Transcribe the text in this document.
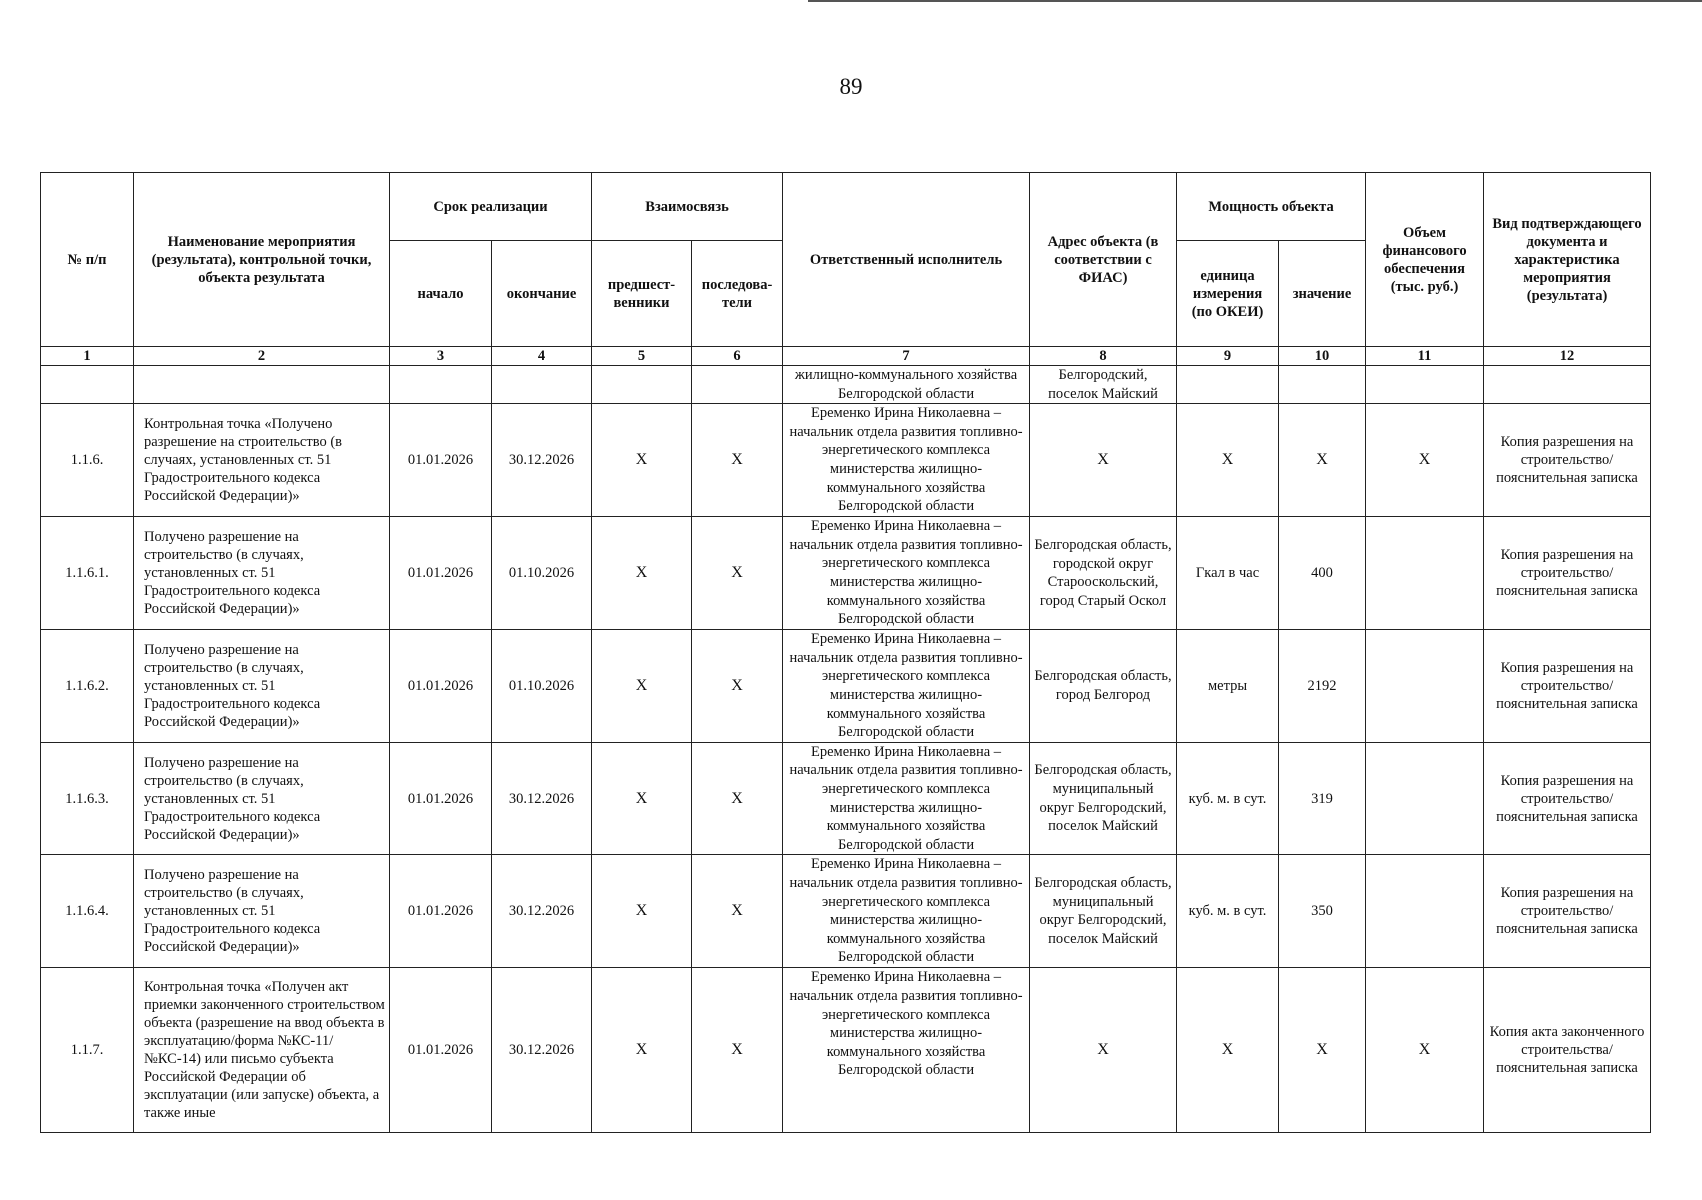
89
№ п/п	Наименование мероприятия (результата), контрольной точки, объекта результата	Срок реализации		Взаимосвязь		Ответственный исполнитель	Адрес объекта (в соответствии с ФИАС)	Мощность объекта		Объем финансового обеспечения (тыс. руб.)	Вид подтверждающего документа и характеристика мероприятия (результата)
		начало	окончание	предшест-венники	последова-тели			единица измерения (по ОКЕИ)	значение		
1	2	3	4	5	6	7	8	9	10	11	12
						жилищно-коммунального хозяйства Белгородской области	Белгородский, поселок Майский				
1.1.6.	Контрольная точка «Получено разрешение на строительство (в случаях, установленных ст. 51 Градостроительного кодекса Российской Федерации)»	01.01.2026	30.12.2026	X	X	Еременко Ирина Николаевна – начальник отдела развития топливно-энергетического комплекса министерства жилищно-коммунального хозяйства Белгородской области	X	X	X	X	Копия разрешения на строительство/ пояснительная записка
1.1.6.1.	Получено разрешение на строительство (в случаях, установленных ст. 51 Градостроительного кодекса Российской Федерации)»	01.01.2026	01.10.2026	X	X	Еременко Ирина Николаевна – начальник отдела развития топливно-энергетического комплекса министерства жилищно-коммунального хозяйства Белгородской области	Белгородская область, городской округ Старооскольский, город Старый Оскол	Гкал в час	400		Копия разрешения на строительство/ пояснительная записка
1.1.6.2.	Получено разрешение на строительство (в случаях, установленных ст. 51 Градостроительного кодекса Российской Федерации)»	01.01.2026	01.10.2026	X	X	Еременко Ирина Николаевна – начальник отдела развития топливно-энергетического комплекса министерства жилищно-коммунального хозяйства Белгородской области	Белгородская область, город Белгород	метры	2192		Копия разрешения на строительство/ пояснительная записка
1.1.6.3.	Получено разрешение на строительство (в случаях, установленных ст. 51 Градостроительного кодекса Российской Федерации)»	01.01.2026	30.12.2026	X	X	Еременко Ирина Николаевна – начальник отдела развития топливно-энергетического комплекса министерства жилищно-коммунального хозяйства Белгородской области	Белгородская область, муниципальный округ Белгородский, поселок Майский	куб. м. в сут.	319		Копия разрешения на строительство/ пояснительная записка
1.1.6.4.	Получено разрешение на строительство (в случаях, установленных ст. 51 Градостроительного кодекса Российской Федерации)»	01.01.2026	30.12.2026	X	X	Еременко Ирина Николаевна – начальник отдела развития топливно-энергетического комплекса министерства жилищно-коммунального хозяйства Белгородской области	Белгородская область, муниципальный округ Белгородский, поселок Майский	куб. м. в сут.	350		Копия разрешения на строительство/ пояснительная записка
1.1.7.	Контрольная точка «Получен акт приемки законченного строительством объекта (разрешение на ввод объекта в эксплуатацию/форма №КС-11/ №КС-14) или письмо субъекта Российской Федерации об эксплуатации (или запуске) объекта, а также иные	01.01.2026	30.12.2026	X	X	Еременко Ирина Николаевна – начальник отдела развития топливно-энергетического комплекса министерства жилищно-коммунального хозяйства Белгородской области	X	X	X	X	Копия акта законченного строительства/ пояснительная записка
